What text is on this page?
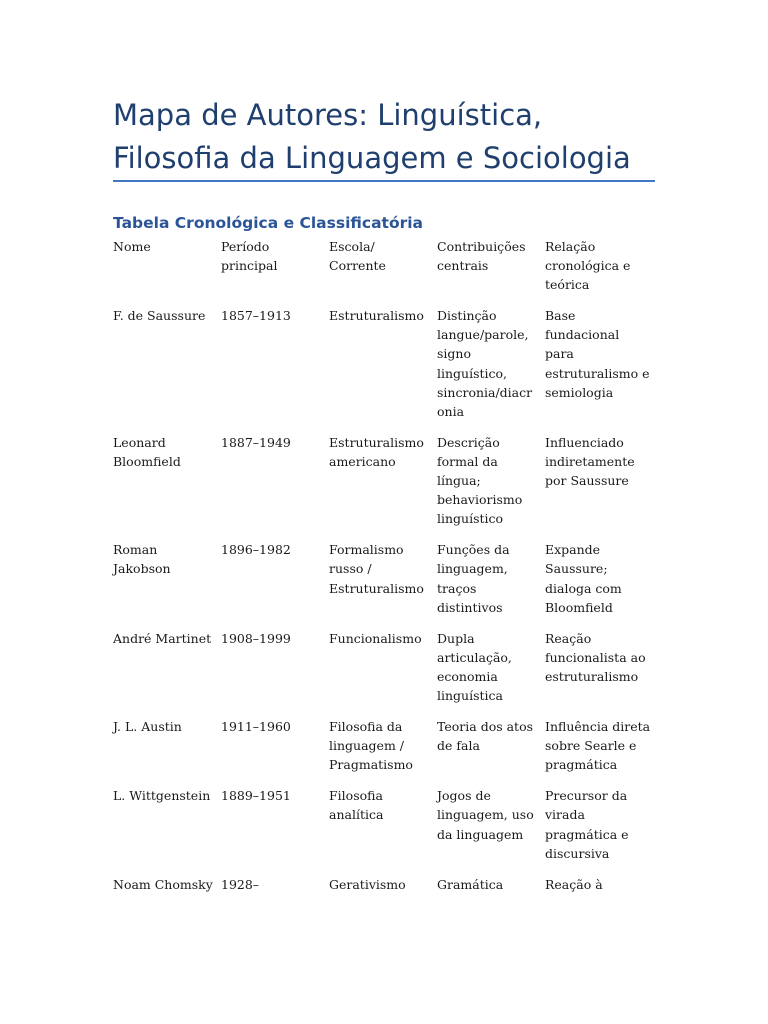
Mapa de Autores: Linguística, Filosofia da Linguagem e Sociologia
Tabela Cronológica e Classificatória
Nome	Período principal	Escola/ Corrente	Contribuições centrais	Relação cronológica e teórica
F. de Saussure	1857–1913	Estruturalismo	Distinção langue/parole, signo linguístico, sincronia/diacronia	Base fundacional para estruturalismo e semiologia
Leonard Bloomfield	1887–1949	Estruturalismo americano	Descrição formal da língua; behaviorismo linguístico	Influenciado indiretamente por Saussure
Roman Jakobson	1896–1982	Formalismo russo / Estruturalismo	Funções da linguagem, traços distintivos	Expande Saussure; dialoga com Bloomfield
André Martinet	1908–1999	Funcionalismo	Dupla articulação, economia linguística	Reação funcionalista ao estruturalismo
J. L. Austin	1911–1960	Filosofia da linguagem / Pragmatismo	Teoria dos atos de fala	Influência direta sobre Searle e pragmática
L. Wittgenstein	1889–1951	Filosofia analítica	Jogos de linguagem, uso da linguagem	Precursor da virada pragmática e discursiva
Noam Chomsky	1928–	Gerativismo	Gramática	Reação à
